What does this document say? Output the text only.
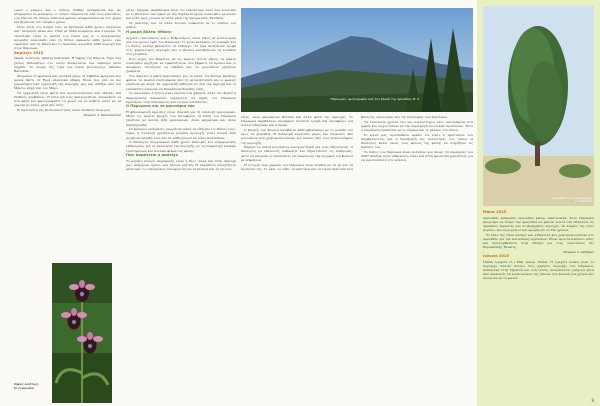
τρώει ο χλώρος και ο σπίνος. Καθώς μεταφέρουν και ως πληρωμένα τα ρουμάρια, οι σπόροι παίρνονται από τους κατοίκους του νησιού. Οι σπόροι κάποιων φυτών ενσωματώνονται στο χώμα και βγαίνουν τον επόμενο χρόνο.

Όσοι είναι στο κτήμα τους τα βρίσκουν κάθε χρόνο, παίρνουν κατ' εκτίμηση πάνω από 1500 με 5000 κομμάτια ανά στρέμμα. Το ελαιόλαδο είναι το προϊόν του τόπου μας κι ο αναγνώστης αγοράζει ελαιόλαδο από τη Νότια Λακωνία κάθε χρόνο, ενώ ευρύτερα από τη Μάνη και το Λεωνίδιο αγοράζει κάθε περιοχή και στον Πάρνωνα.

Απρίλιος 2015

Οφρύς λιόπτερη. Ophrys bertolonii. Η Οφρύς της Βέρτολ. Έχει ένα χείλος βελουδένιο στο οποίο διακρίνεται ένα λαμπερό μπλε σημάδι. Το όνομα της τιμά τον Ιταλό βοτανολόγο Antonio Bertoloni.

Φυτρώνει σε φωτεινά και ανοικτά μέρη, σε λιβάδια, φρύγανα και αραιά δάση, σε ξηρά αλκαλικά εδάφη. Είναι ένα από τα πιο χαρακτηριστικά ορχεοειδή της περιοχής μας και ανθίζει από τον Μάρτιο μέχρι και τον Μάιο.

Τα ορχεοειδή είναι φυτά που προστατεύονται από εθνικές και διεθνείς συμβάσεις. Η συλλογή τους απαγορεύεται. Απολαύστε τα στη φύση και φωτογραφίστε τα χωρίς να τα κόβετε, ώστε να τα χαρούν κι άλλοι μετά από εσάς.

Η προστασία της βιοποικιλότητας είναι υπόθεση όλων μας.

(Κείμενο: Λ. Καλλιπολίτου)
Οφρύς λιόπτερη
Μ. Γεωργάκα

ρίζας. Όμορφο παράδειγμα είναι ότι ευκολότερο αυτό ένα λουλούδι με το βασίλειο των ζώων με την Σαρδηνία έχουν λουλούδια με κόλπο και ρόδο προς γόνιμα σε άλλα μέρη της ηπειρωτικής Ελλάδας.

Οι μέλισσες και τα άλλα έντομα τρέφονται με το νέκταρ του ανθού.

Η μικρή βόλτα «Μάνη»

Αρχικά ο Ιανουάριος και ο Φεβρουάριος είναι μήνες με πολλά κρύα για τον ορεινό όγκο του Πάρνωνα. Το χιόνι καλύπτει τις κορυφές και το δάσος ελάτης βρίσκεται σε λήθαργο. Τα ζώα αναζητούν τροφή στις χαμηλότερες περιοχές και οι βοσκοί κατεβαίνουν τα κοπάδια στα χειμαδιά.

Στις αρχές του Μαρτίου, με τις πρώτες ζεστές μέρες, τα πρώτα λουλούδια αρχίζουν να εμφανίζονται στα ξέφωτα. Οι κρόκοι και οι ανεμώνες στολίζουν τα λιβάδια και τα μονοπάτια γεμίζουν χρώματα.

Τον Απρίλιο η φύση ζωντανεύει για τα καλά. Τα δέντρα βγάζουν φύλλα, τα πουλιά επιστρέφουν από τη μετανάστευση και οι φωλιές γεμίζουν με αυγά. Τα ορχεοειδή ανθίζουν σε όλη την περιοχή και οι επισκέπτες μπορούν να θαυμάσουν δεκάδες είδη.

Το καλοκαίρι η ζέστη είναι έντονη στα χαμηλά, αλλά στο βουνό η θερμοκρασία παραμένει ευχάριστη. Οι πηγές του Πάρνωνα δροσίζουν τους πεζοπόρους και τα ζώα του δάσους.

Ο Πάρνωνας και τα μανιτάρια του

Η φθινοπωρινή περίοδος είναι ιδανική για τη συλλογή μανιταριών. Μετά τις πρώτες βροχές του Οκτωβρίου τα δάση του Πάρνωνα γεμίζουν με πολλά είδη μανιταριών, άλλα φαγώσιμα και άλλα δηλητηριώδη.

Οι έμπειροι συλλέκτες γνωρίζουν καλά τα είδη και τις θέσεις τους. Όμως η συλλογή χρειάζεται μεγάλη προσοχή, γιατί πολλά είδη μοιάζουν μεταξύ τους και τα λάθη μπορεί να είναι επικίνδυνα.

Ο Σύλλογος διοργανώνει κάθε χρόνο εκδρομές και ενημερωτικές εκδηλώσεις για τα μανιτάρια της περιοχής, με τη συμμετοχή ειδικών επιστημόνων και πολλών φίλων της φύσης.

Πώς παράγεται η μαστίχα

Το μεγάλο κέντρο παραγωγής είναι η Χίος, αλλά και στην περιοχή μας υπάρχουν σχίνοι που δίνουν ρητίνη. Η παράδοση συνεχίζεται μέσα από τις οικογένειες που φροντίζουν τα δέντρα και τη γη τους.

Πάρνωνας: φωτογραφία από τον Κλειδί της Αρκαδίας Μ. Σ.

ρίζες, όπου φυτρώνουν βότανα και άλλα φυτά της περιοχής. Το Πάρνωνα περιβάλλον προσφέρει πλούσια τροφή και καταφύγιο για πολλά είδη ζώων και πτηνών.

Ο βοσκός του βουνού κατέβαινε κάθε φθινόπωρο με το κοπάδι του προς τα χειμαδιά. Η διαδρομή κρατούσε μέρες και περνούσε από μονοπάτια που χρησιμοποιούνταν για αιώνες από τους κτηνοτρόφους της περιοχής.

Σήμερα τα παλιά μονοπάτια ανοίγουν ξανά για τους πεζοπόρους. Ο Σύλλογος με εθελοντές καθαρίζει και σηματοδοτεί τις διαδρομές, ώστε να μπορούν οι επισκέπτες να γνωρίσουν την ομορφιά του βουνού με ασφάλεια.

Η ιστορία των χωριών του Πάρνωνα είναι δεμένη με τη γη και τα προϊόντα της. Το μέλι, το λάδι, τα κάστανα και τα τυριά ήταν πάντα η βάση της οικονομίας και της διατροφής των κατοίκων.

Τα τελευταία χρόνια όλο και περισσότεροι νέοι επιστρέφουν στα χωριά και ασχολούνται με την παραγωγή ποιοτικών προϊόντων. Έτσι η παράδοση συνδέεται με το σήμερα και το μέλλον του τόπου.

Η κοινή μας προσπάθεια πρέπει να είναι η προστασία του περιβάλλοντος και η διατήρηση της ταυτότητας του τόπου. Ο Σύλλογος καλεί όλους τους φίλους της φύσης να στηρίξουν τις δράσεις του.

Το δάσος του Πάρνωνα είναι πολύτιμο για όλους. Οι πυρκαγιές του 2007 έδειξαν πόσο εύθραυστο είναι και πόση φροντίδα χρειάζεται για να προστατευτεί στο μέλλον.

Αρκουθιά στρογγυλόκαρπη
Σ. Λαζάρου

Μάιος 2015

Αρκουθιά, Juniperus oxycedrus subsp. macrocarpa. Στον Πάρνωνα μπορούμε να δούμε την Αρκουθιά να φύεται κοντά στη θάλασσα, σε αμμώδεις παραλίες και σε βραχώδεις περιοχές. Οι καρποί της είναι μεγάλοι και στρογγυλοί και ωριμάζουν σε δύο χρόνια.

Το ξύλο της είναι σκληρό και ανθεκτικό και χρησιμοποιούνταν στο παρελθόν για την κατασκευή εργαλείων. Είναι προστατευόμενο είδος και περιλαμβάνεται στην Οδηγία για τους οικοτόπους της Ευρωπαϊκής Ένωσης.

(Κείμενο: Σ. Λαζάρου)

Ιούνιος 2015

Πεύκη τραχεία (L.) Mill. subsp. brutia. Η τραχεία πεύκη είναι το κυρίαρχο δασικό δέντρο στις χαμηλές περιοχές του Πάρνωνα. Ανθεκτική στην ξηρασία και στη ζέστη, αναγεννάται γρήγορα μετά από πυρκαγιά. Τα κουκουνάρια της μένουν στα κλαδιά για χρόνια και ανοίγουν με τη φωτιά.

9
